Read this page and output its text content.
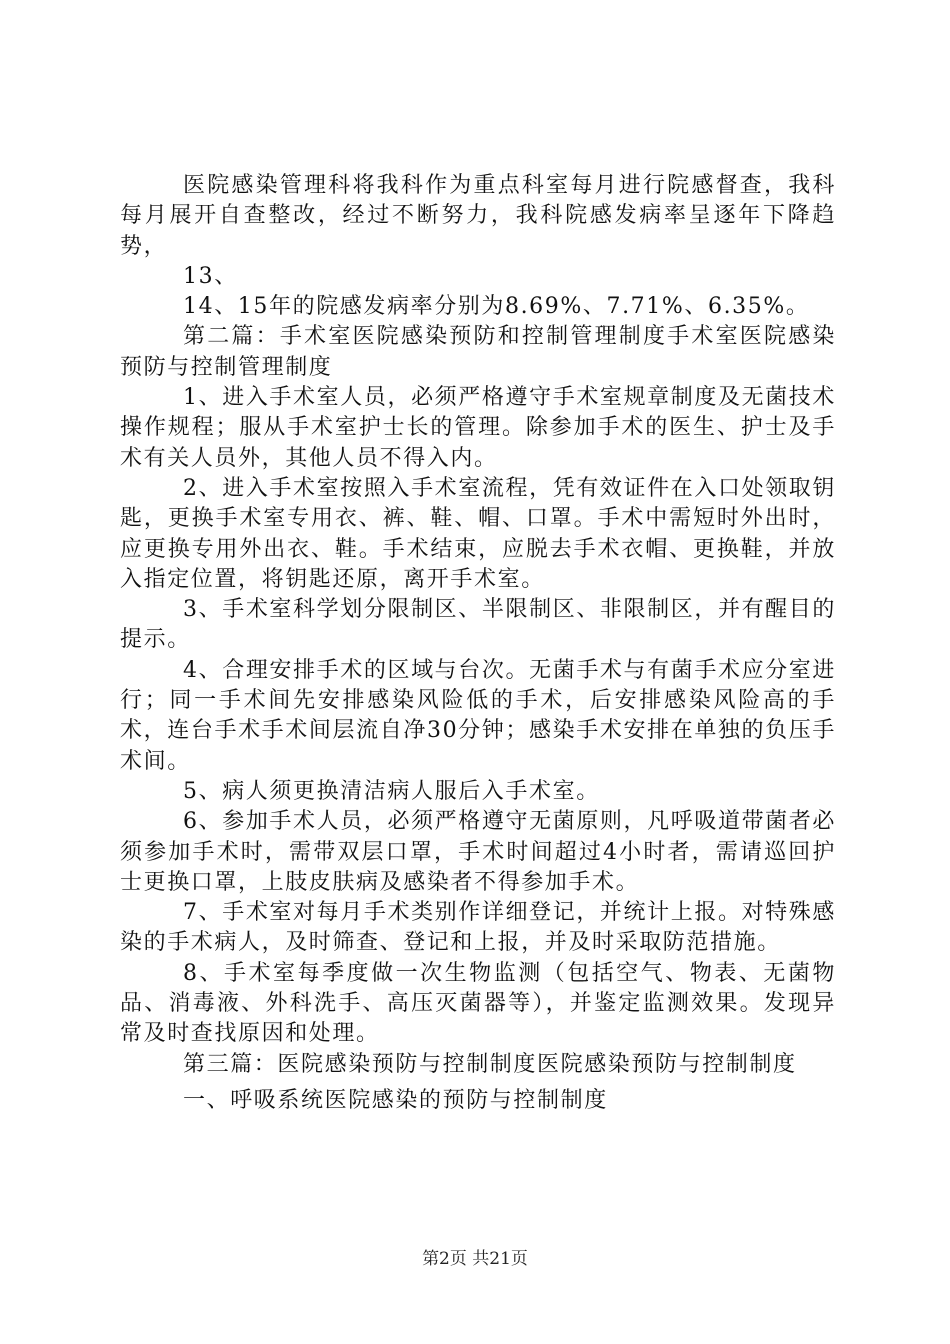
医院感染管理科将我科作为重点科室每月进行院感督查，我科每月展开自查整改，经过不断努力，我科院感发病率呈逐年下降趋势，

13、

14、15年的院感发病率分别为8.69%、7.71%、6.35%。

第二篇：手术室医院感染预防和控制管理制度手术室医院感染预防与控制管理制度

1、进入手术室人员，必须严格遵守手术室规章制度及无菌技术操作规程；服从手术室护士长的管理。除参加手术的医生、护士及手术有关人员外，其他人员不得入内。

2、进入手术室按照入手术室流程，凭有效证件在入口处领取钥匙，更换手术室专用衣、裤、鞋、帽、口罩。手术中需短时外出时，应更换专用外出衣、鞋。手术结束，应脱去手术衣帽、更换鞋，并放入指定位置，将钥匙还原，离开手术室。

3、手术室科学划分限制区、半限制区、非限制区，并有醒目的提示。

4、合理安排手术的区域与台次。无菌手术与有菌手术应分室进行；同一手术间先安排感染风险低的手术，后安排感染风险高的手术，连台手术手术间层流自净30分钟；感染手术安排在单独的负压手术间。

5、病人须更换清洁病人服后入手术室。

6、参加手术人员，必须严格遵守无菌原则，凡呼吸道带菌者必须参加手术时，需带双层口罩，手术时间超过4小时者，需请巡回护士更换口罩，上肢皮肤病及感染者不得参加手术。

7、手术室对每月手术类别作详细登记，并统计上报。对特殊感染的手术病人，及时筛查、登记和上报，并及时采取防范措施。

8、手术室每季度做一次生物监测（包括空气、物表、无菌物品、消毒液、外科洗手、高压灭菌器等），并鉴定监测效果。发现异常及时查找原因和处理。

第三篇：医院感染预防与控制制度医院感染预防与控制制度

一、呼吸系统医院感染的预防与控制制度

第2页 共21页
